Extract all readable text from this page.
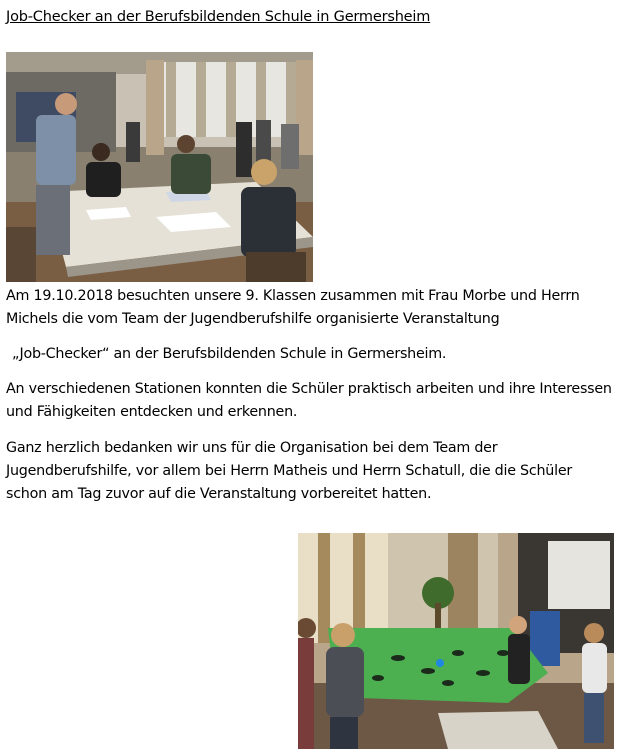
Job-Checker an der Berufsbildenden Schule in Germersheim

Am 19.10.2018 besuchten unsere 9. Klassen zusammen mit Frau Morbe und Herrn Michels die vom Team der Jugendberufshilfe organisierte Veranstaltung

„Job-Checker“ an der Berufsbildenden Schule in Germersheim.

An verschiedenen Stationen konnten die Schüler praktisch arbeiten und ihre Interessen und Fähigkeiten entdecken und erkennen.

Ganz herzlich bedanken wir uns für die Organisation bei dem Team der Jugendberufshilfe, vor allem bei Herrn Matheis und Herrn Schatull, die die Schüler schon am Tag zuvor auf die Veranstaltung vorbereitet hatten.
